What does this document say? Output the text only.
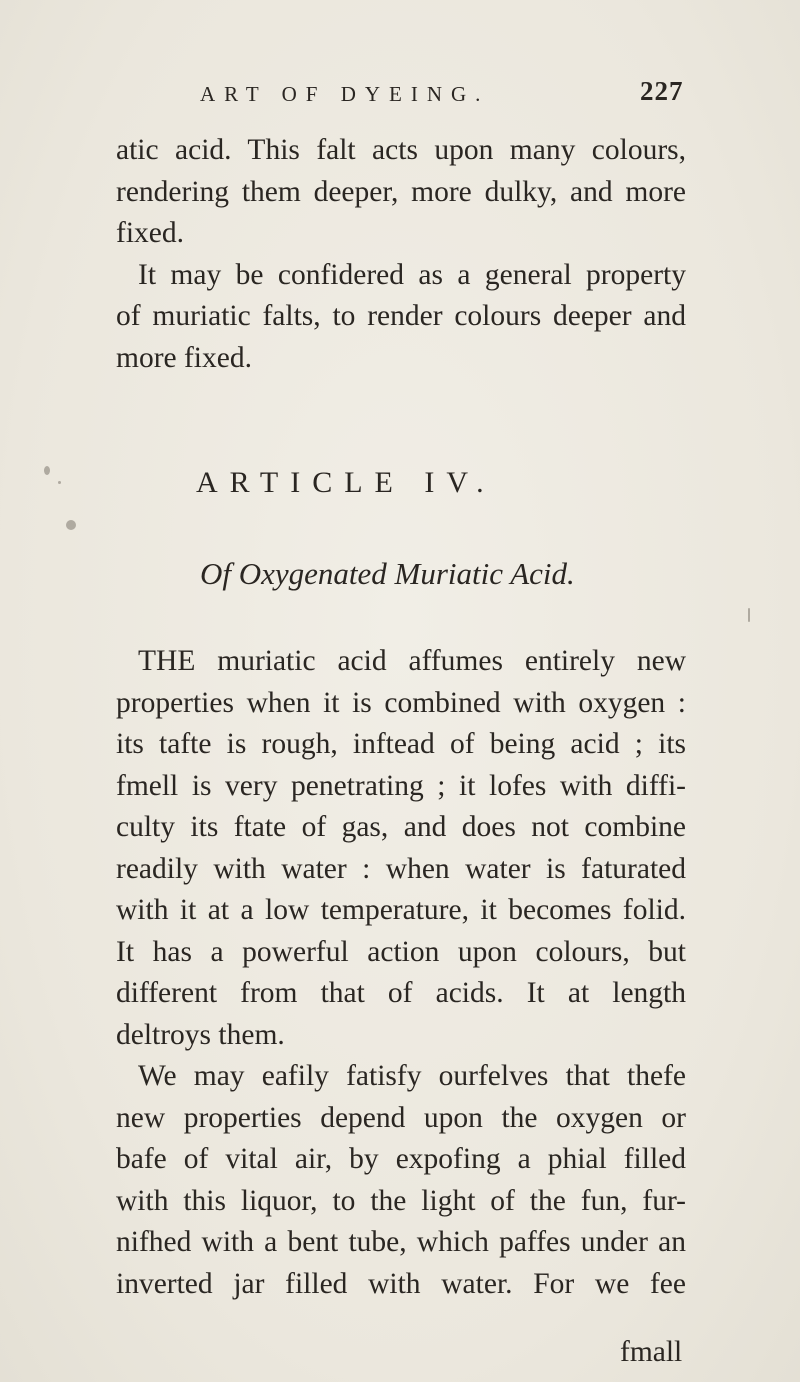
ART OF DYEING.	227
atic acid. This falt acts upon many colours,
rendering them deeper, more dulky, and more
fixed.
It may be confidered as a general property
of muriatic falts, to render colours deeper and
more fixed.
ARTICLE IV.
Of Oxygenated Muriatic Acid.
THE muriatic acid affumes entirely new
properties when it is combined with oxygen :
its tafte is rough, inftead of being acid ; its
fmell is very penetrating ; it lofes with diffi-
culty its ftate of gas, and does not combine
readily with water : when water is faturated
with it at a low temperature, it becomes folid.
It has a powerful action upon colours, but
different from that of acids. It at length
deltroys them.
We may eafily fatisfy ourfelves that thefe
new properties depend upon the oxygen or
bafe of vital air, by expofing a phial filled
with this liquor, to the light of the fun, fur-
nifhed with a bent tube, which paffes under an
inverted jar filled with water. For we fee
fmall
